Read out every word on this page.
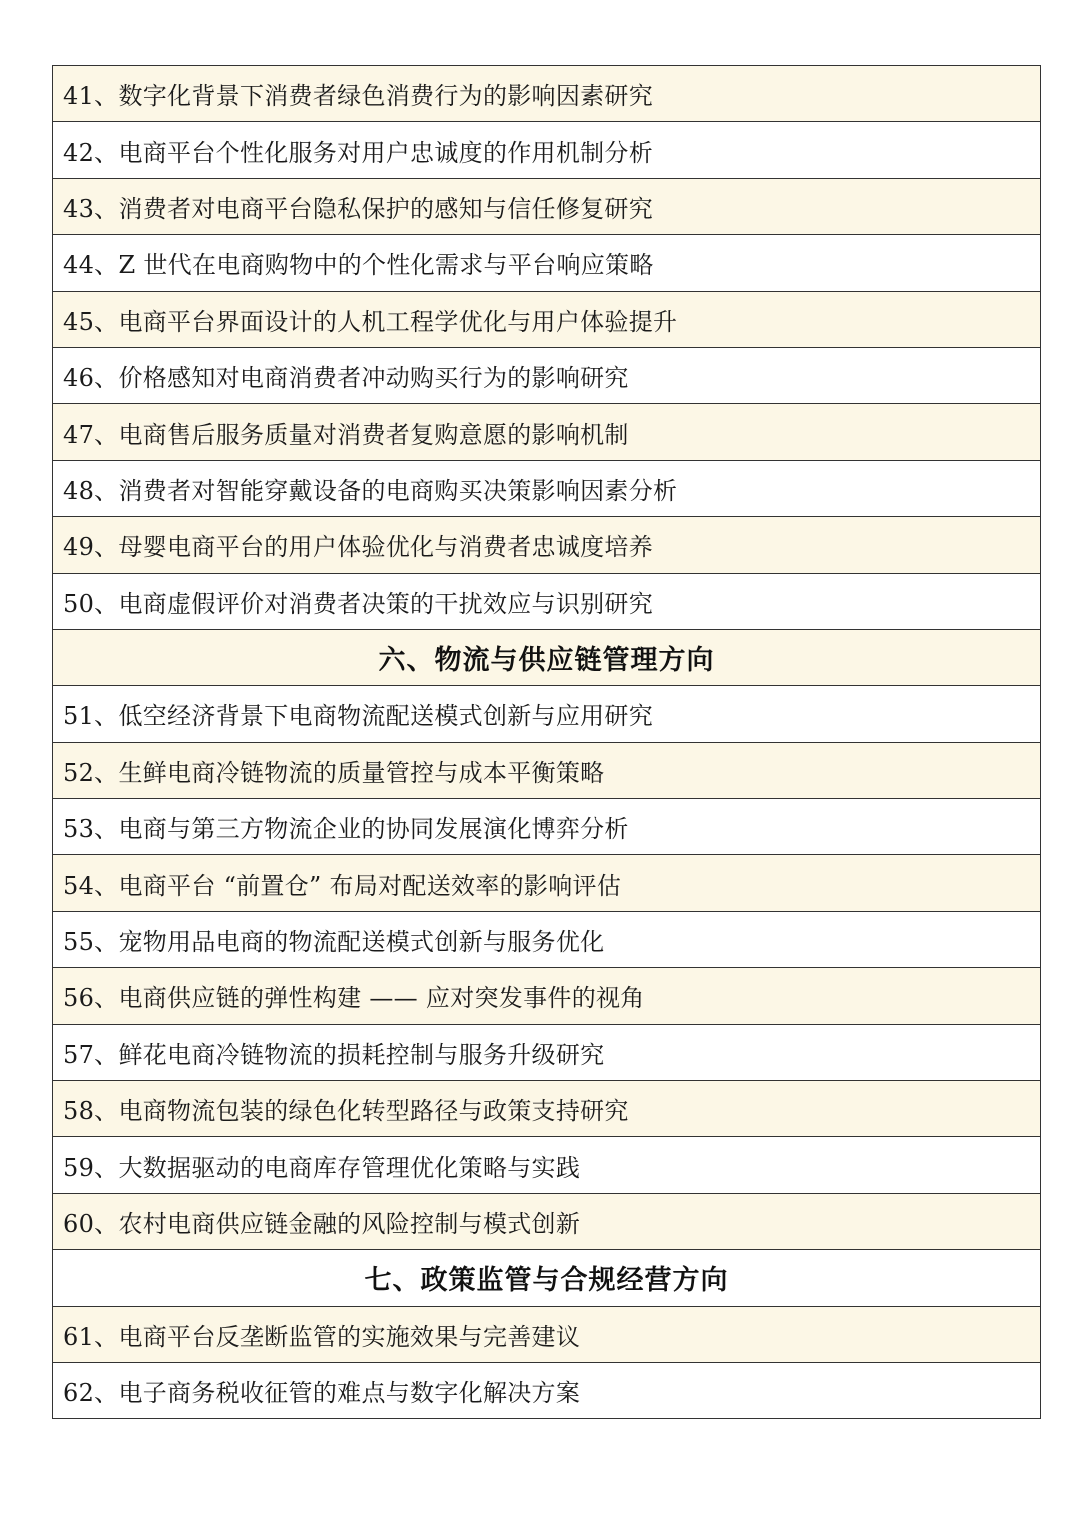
41、数字化背景下消费者绿色消费行为的影响因素研究
42、电商平台个性化服务对用户忠诚度的作用机制分析
43、消费者对电商平台隐私保护的感知与信任修复研究
44、Z 世代在电商购物中的个性化需求与平台响应策略
45、电商平台界面设计的人机工程学优化与用户体验提升
46、价格感知对电商消费者冲动购买行为的影响研究
47、电商售后服务质量对消费者复购意愿的影响机制
48、消费者对智能穿戴设备的电商购买决策影响因素分析
49、母婴电商平台的用户体验优化与消费者忠诚度培养
50、电商虚假评价对消费者决策的干扰效应与识别研究
六、物流与供应链管理方向
51、低空经济背景下电商物流配送模式创新与应用研究
52、生鲜电商冷链物流的质量管控与成本平衡策略
53、电商与第三方物流企业的协同发展演化博弈分析
54、电商平台 “前置仓” 布局对配送效率的影响评估
55、宠物用品电商的物流配送模式创新与服务优化
56、电商供应链的弹性构建 —— 应对突发事件的视角
57、鲜花电商冷链物流的损耗控制与服务升级研究
58、电商物流包装的绿色化转型路径与政策支持研究
59、大数据驱动的电商库存管理优化策略与实践
60、农村电商供应链金融的风险控制与模式创新
七、政策监管与合规经营方向
61、电商平台反垄断监管的实施效果与完善建议
62、电子商务税收征管的难点与数字化解决方案
